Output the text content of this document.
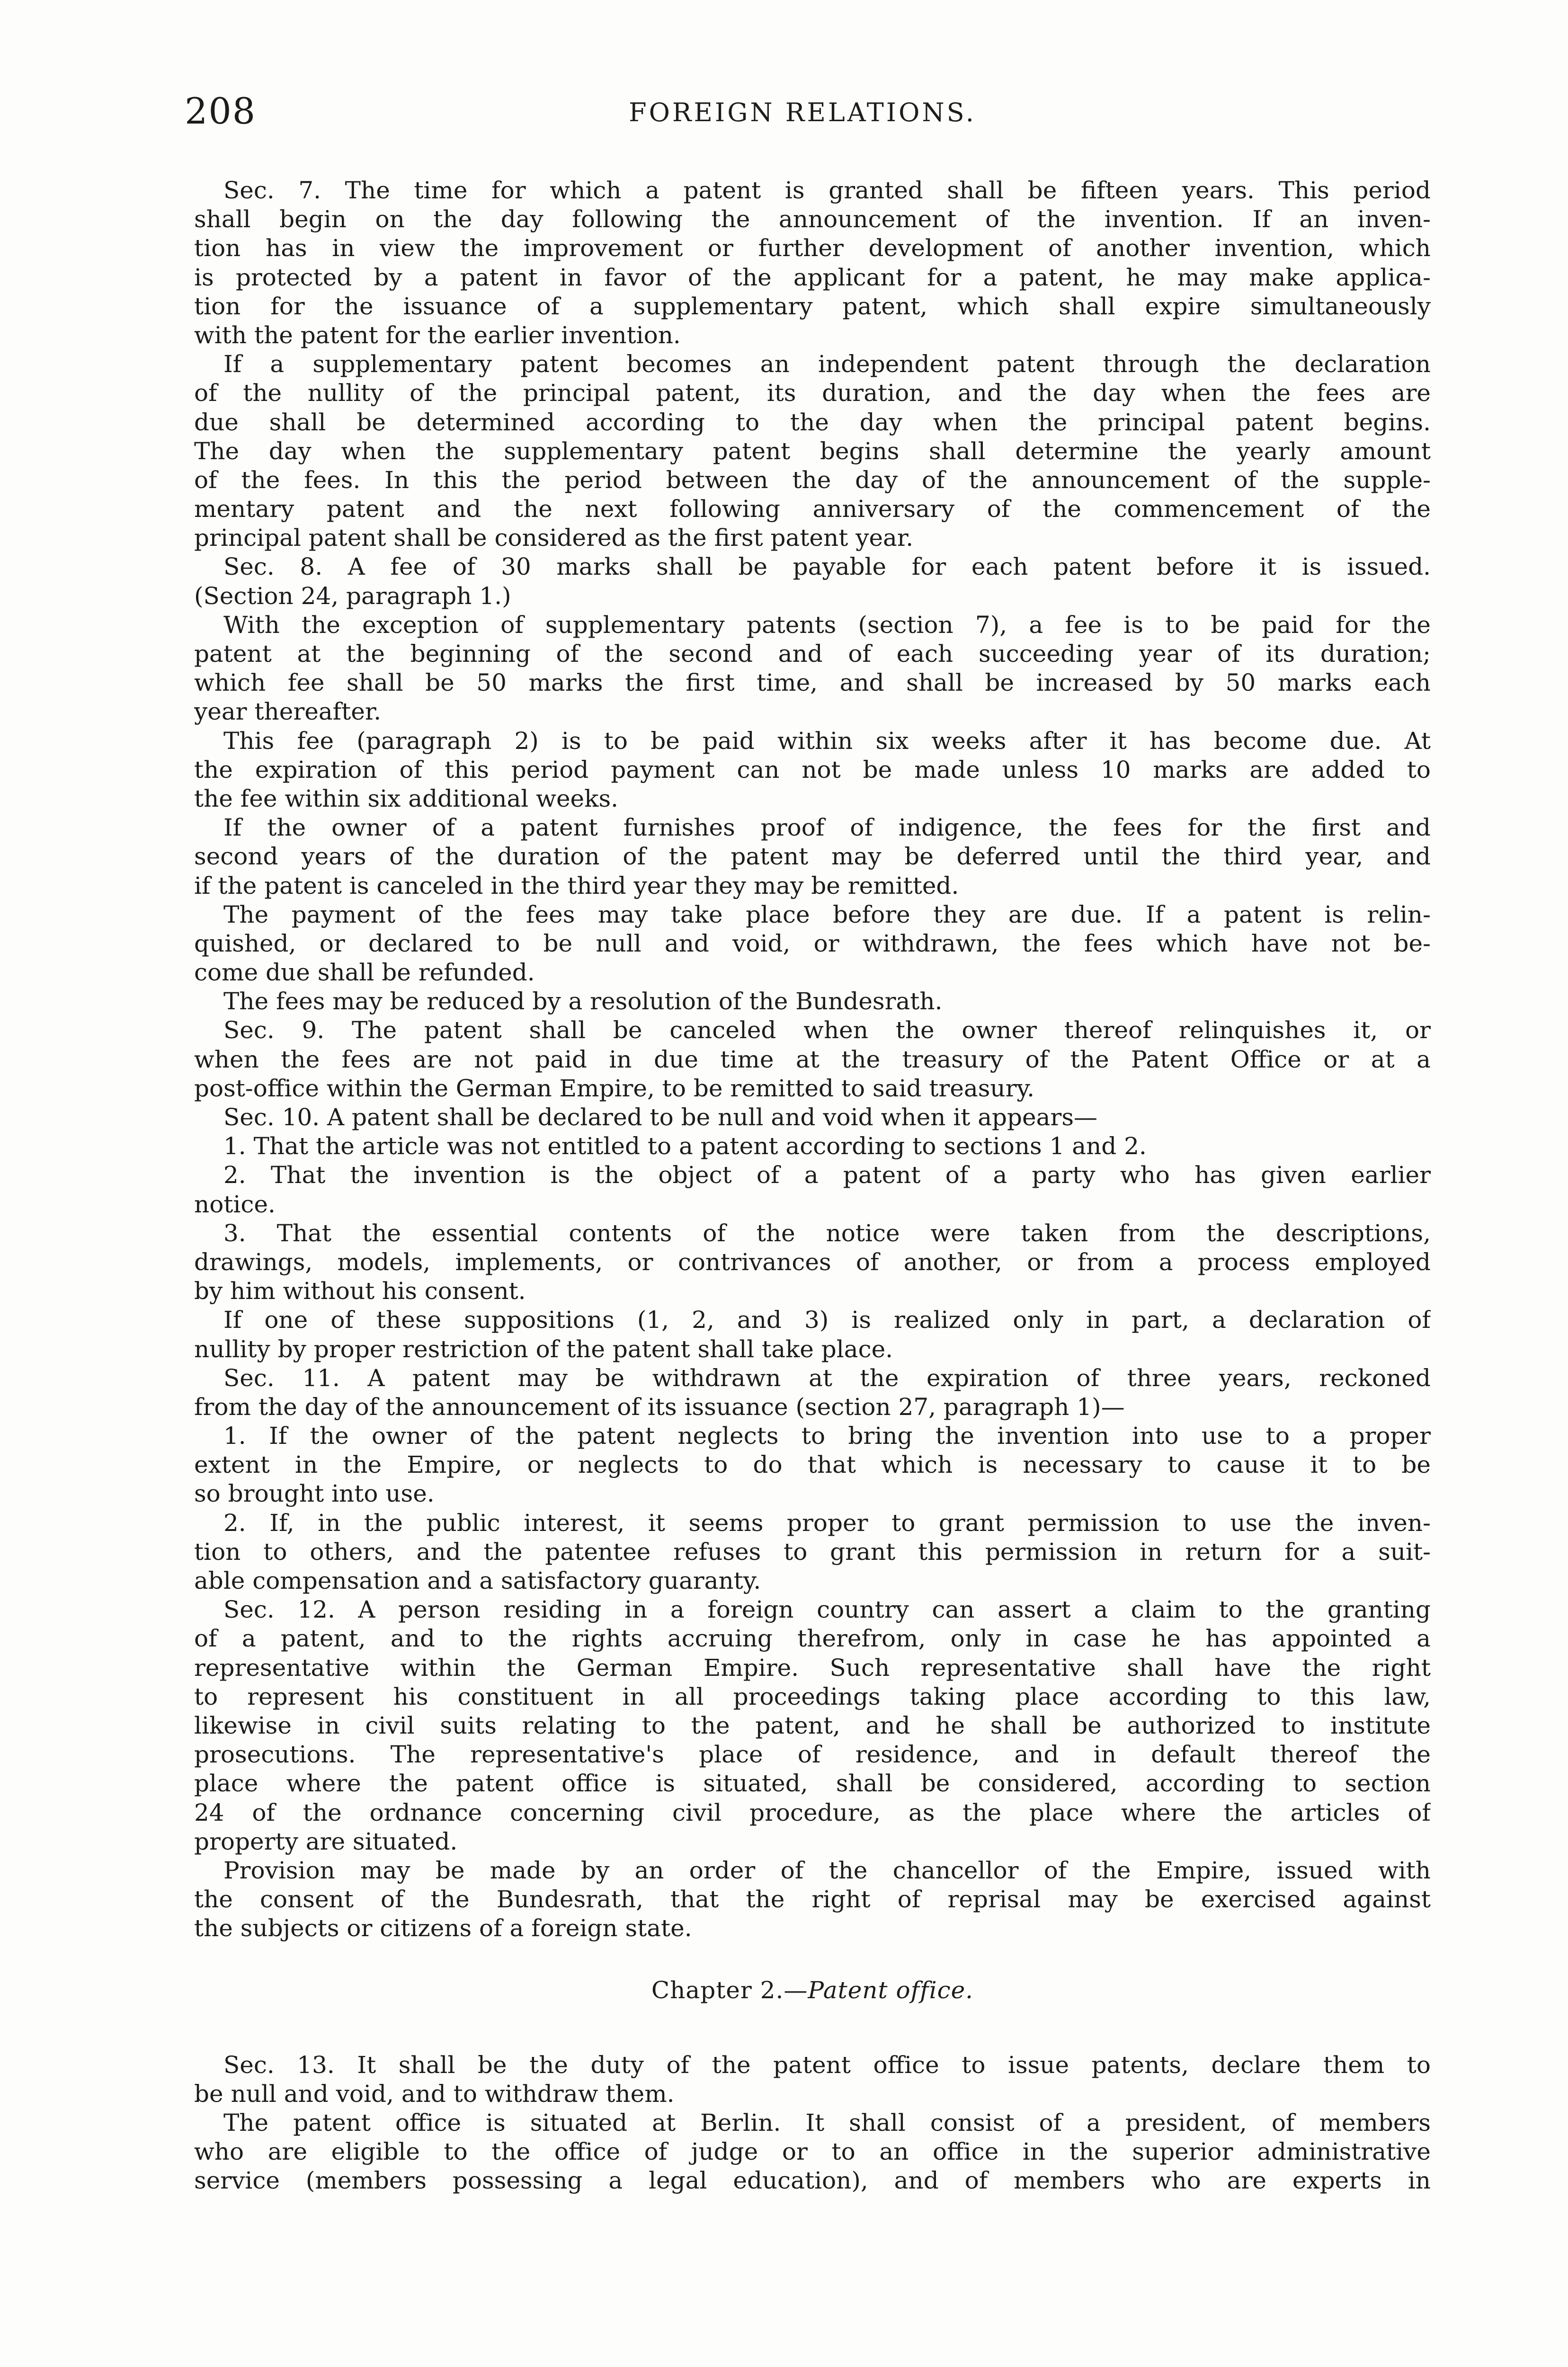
208	FOREIGN RELATIONS.
Sec. 7. The time for which a patent is granted shall be fifteen years. This period
shall begin on the day following the announcement of the invention. If an inven-
tion has in view the improvement or further development of another invention, which
is protected by a patent in favor of the applicant for a patent, he may make applica-
tion for the issuance of a supplementary patent, which shall expire simultaneously
with the patent for the earlier invention.
If a supplementary patent becomes an independent patent through the declaration
of the nullity of the principal patent, its duration, and the day when the fees are
due shall be determined according to the day when the principal patent begins.
The day when the supplementary patent begins shall determine the yearly amount
of the fees. In this the period between the day of the announcement of the supple-
mentary patent and the next following anniversary of the commencement of the
principal patent shall be considered as the first patent year.
Sec. 8. A fee of 30 marks shall be payable for each patent before it is issued.
(Section 24, paragraph 1.)
With the exception of supplementary patents (section 7), a fee is to be paid for the
patent at the beginning of the second and of each succeeding year of its duration;
which fee shall be 50 marks the first time, and shall be increased by 50 marks each
year thereafter.
This fee (paragraph 2) is to be paid within six weeks after it has become due. At
the expiration of this period payment can not be made unless 10 marks are added to
the fee within six additional weeks.
If the owner of a patent furnishes proof of indigence, the fees for the first and
second years of the duration of the patent may be deferred until the third year, and
if the patent is canceled in the third year they may be remitted.
The payment of the fees may take place before they are due. If a patent is relin-
quished, or declared to be null and void, or withdrawn, the fees which have not be-
come due shall be refunded.
The fees may be reduced by a resolution of the Bundesrath.
Sec. 9. The patent shall be canceled when the owner thereof relinquishes it, or
when the fees are not paid in due time at the treasury of the Patent Office or at a
post-office within the German Empire, to be remitted to said treasury.
Sec. 10. A patent shall be declared to be null and void when it appears—
1. That the article was not entitled to a patent according to sections 1 and 2.
2. That the invention is the object of a patent of a party who has given earlier
notice.
3. That the essential contents of the notice were taken from the descriptions,
drawings, models, implements, or contrivances of another, or from a process employed
by him without his consent.
If one of these suppositions (1, 2, and 3) is realized only in part, a declaration of
nullity by proper restriction of the patent shall take place.
Sec. 11. A patent may be withdrawn at the expiration of three years, reckoned
from the day of the announcement of its issuance (section 27, paragraph 1)—
1. If the owner of the patent neglects to bring the invention into use to a proper
extent in the Empire, or neglects to do that which is necessary to cause it to be
so brought into use.
2. If, in the public interest, it seems proper to grant permission to use the inven-
tion to others, and the patentee refuses to grant this permission in return for a suit-
able compensation and a satisfactory guaranty.
Sec. 12. A person residing in a foreign country can assert a claim to the granting
of a patent, and to the rights accruing therefrom, only in case he has appointed a
representative within the German Empire. Such representative shall have the right
to represent his constituent in all proceedings taking place according to this law,
likewise in civil suits relating to the patent, and he shall be authorized to institute
prosecutions. The representative's place of residence, and in default thereof the
place where the patent office is situated, shall be considered, according to section
24 of the ordnance concerning civil procedure, as the place where the articles of
property are situated.
Provision may be made by an order of the chancellor of the Empire, issued with
the consent of the Bundesrath, that the right of reprisal may be exercised against
the subjects or citizens of a foreign state.
Chapter 2.—Patent office.
Sec. 13. It shall be the duty of the patent office to issue patents, declare them to
be null and void, and to withdraw them.
The patent office is situated at Berlin. It shall consist of a president, of members
who are eligible to the office of judge or to an office in the superior administrative
service (members possessing a legal education), and of members who are experts in
